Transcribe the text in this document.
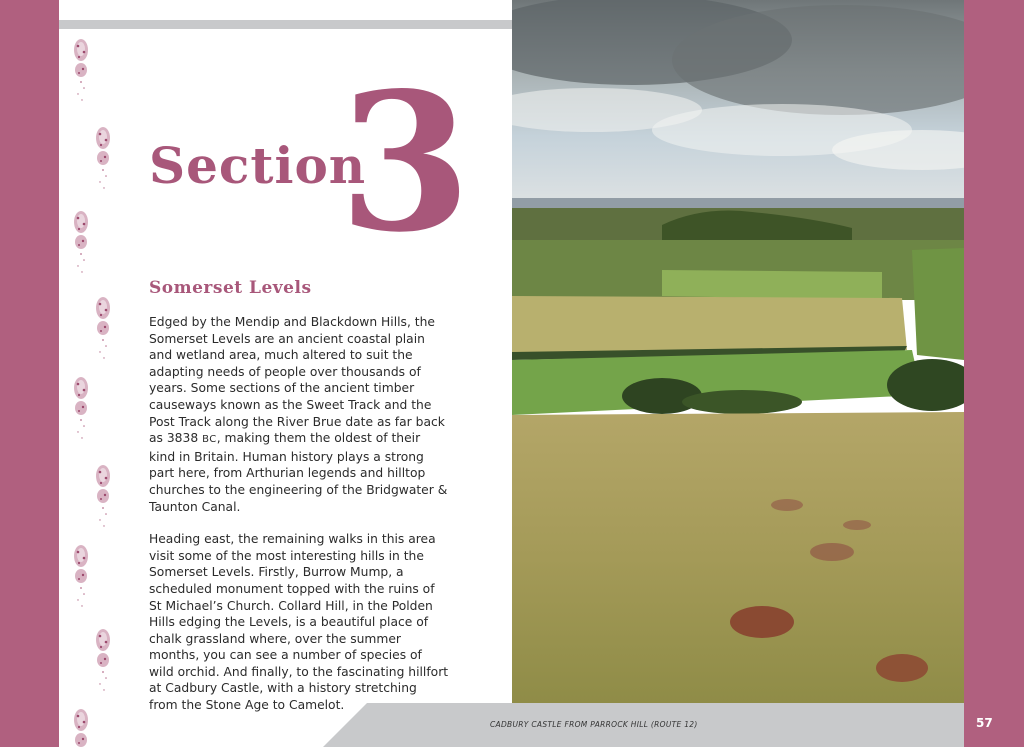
Section
3
Somerset Levels

Edged by the Mendip and Blackdown Hills, the Somerset Levels are an ancient coastal plain and wetland area, much altered to suit the adapting needs of people over thousands of years. Some sections of the ancient timber causeways known as the Sweet Track and the Post Track along the River Brue date as far back as 3838 BC, making them the oldest of their kind in Britain. Human history plays a strong part here, from Arthurian legends and hilltop churches to the engineering of the Bridgwater & Taunton Canal.

Heading east, the remaining walks in this area visit some of the most interesting hills in the Somerset Levels. Firstly, Burrow Mump, a scheduled monument topped with the ruins of St Michael’s Church. Collard Hill, in the Polden Hills edging the Levels, is a beautiful place of chalk grassland where, over the summer months, you can see a number of species of wild orchid. And finally, to the fascinating hillfort at Cadbury Castle, with a history stretching from the Stone Age to Camelot.

CADBURY CASTLE FROM PARROCK HILL (ROUTE 12)	57
